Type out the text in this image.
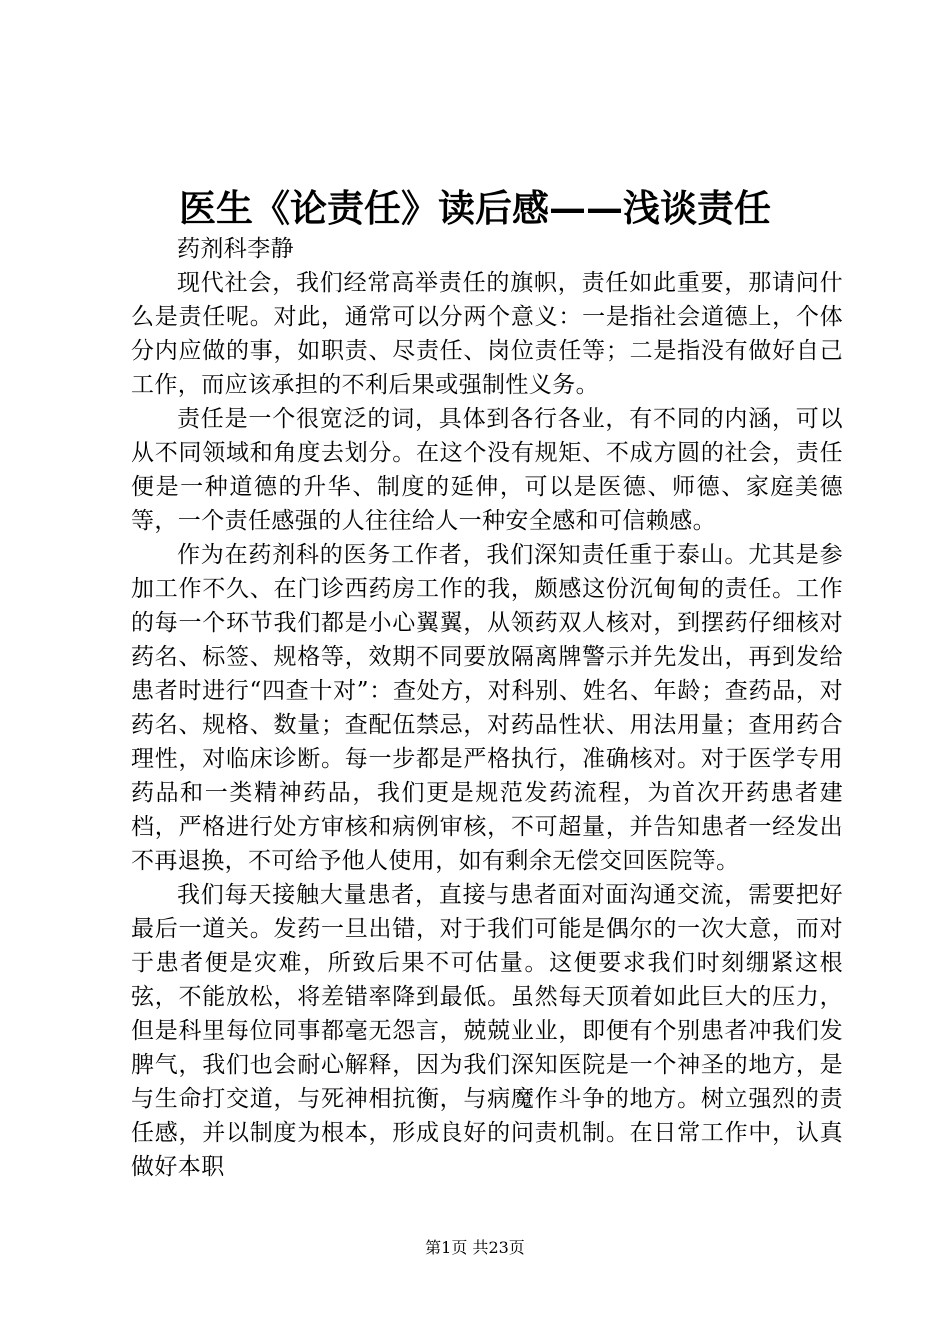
医生《论责任》读后感——浅谈责任

药剂科李静

现代社会，我们经常高举责任的旗帜，责任如此重要，那请问什么是责任呢。对此，通常可以分两个意义：一是指社会道德上，个体分内应做的事，如职责、尽责任、岗位责任等；二是指没有做好自己工作，而应该承担的不利后果或强制性义务。

责任是一个很宽泛的词，具体到各行各业，有不同的内涵，可以从不同领域和角度去划分。在这个没有规矩、不成方圆的社会，责任便是一种道德的升华、制度的延伸，可以是医德、师德、家庭美德等，一个责任感强的人往往给人一种安全感和可信赖感。

作为在药剂科的医务工作者，我们深知责任重于泰山。尤其是参加工作不久、在门诊西药房工作的我，颇感这份沉甸甸的责任。工作的每一个环节我们都是小心翼翼，从领药双人核对，到摆药仔细核对药名、标签、规格等，效期不同要放隔离牌警示并先发出，再到发给患者时进行“四查十对”：查处方，对科别、姓名、年龄；查药品，对药名、规格、数量；查配伍禁忌，对药品性状、用法用量；查用药合理性，对临床诊断。每一步都是严格执行，准确核对。对于医学专用药品和一类精神药品，我们更是规范发药流程，为首次开药患者建档，严格进行处方审核和病例审核，不可超量，并告知患者一经发出不再退换，不可给予他人使用，如有剩余无偿交回医院等。

我们每天接触大量患者，直接与患者面对面沟通交流，需要把好最后一道关。发药一旦出错，对于我们可能是偶尔的一次大意，而对于患者便是灾难，所致后果不可估量。这便要求我们时刻绷紧这根弦，不能放松，将差错率降到最低。虽然每天顶着如此巨大的压力，但是科里每位同事都毫无怨言，兢兢业业，即便有个别患者冲我们发脾气，我们也会耐心解释，因为我们深知医院是一个神圣的地方，是与生命打交道，与死神相抗衡，与病魔作斗争的地方。树立强烈的责任感，并以制度为根本，形成良好的问责机制。在日常工作中，认真做好本职

第1页 共23页
